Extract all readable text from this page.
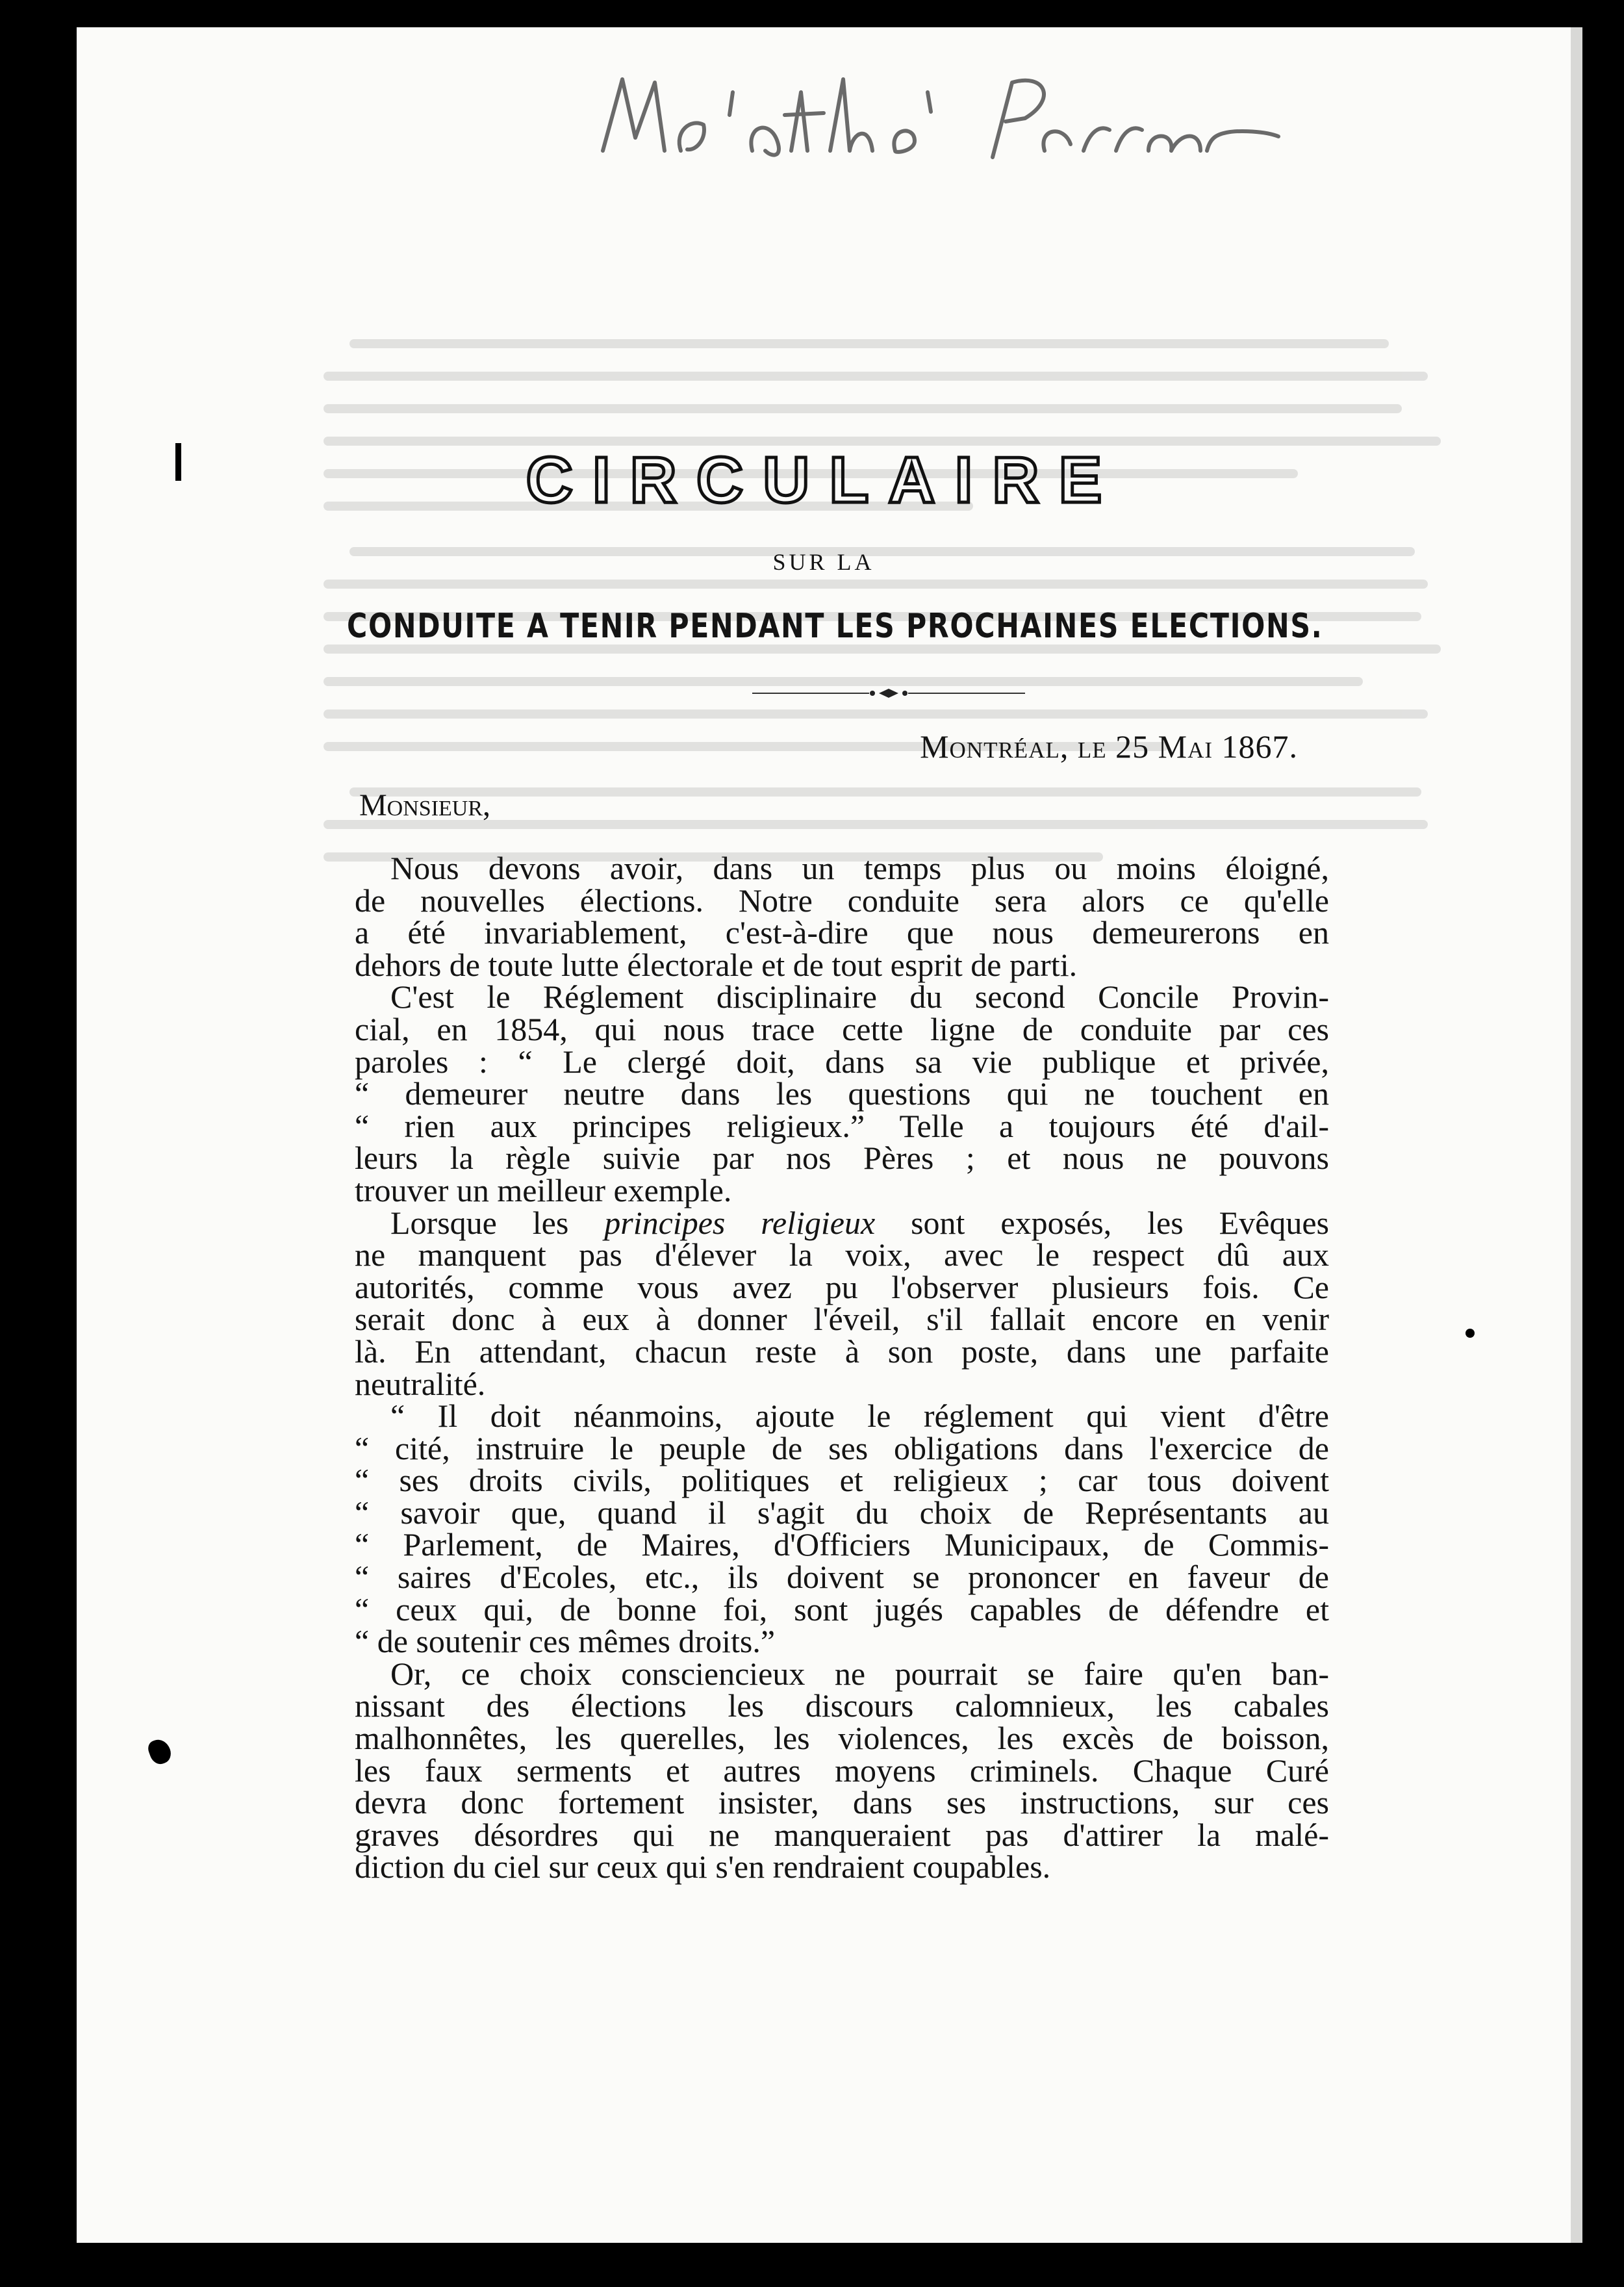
CIRCULAIRE
SUR LA
CONDUITE A TENIR PENDANT LES PROCHAINES ELECTIONS.
Montréal, le 25 Mai 1867.
Monsieur,
Nous devons avoir, dans un temps plus ou moins éloigné,
de nouvelles élections. Notre conduite sera alors ce qu'elle
a été invariablement, c'est-à-dire que nous demeurerons en
dehors de toute lutte électorale et de tout esprit de parti.
C'est le Réglement disciplinaire du second Concile Provin-
cial, en 1854, qui nous trace cette ligne de conduite par ces
paroles : “ Le clergé doit, dans sa vie publique et privée,
“ demeurer neutre dans les questions qui ne touchent en
“ rien aux principes religieux.” Telle a toujours été d'ail-
leurs la règle suivie par nos Pères ; et nous ne pouvons
trouver un meilleur exemple.
Lorsque les principes religieux sont exposés, les Evêques
ne manquent pas d'élever la voix, avec le respect dû aux
autorités, comme vous avez pu l'observer plusieurs fois. Ce
serait donc à eux à donner l'éveil, s'il fallait encore en venir
là. En attendant, chacun reste à son poste, dans une parfaite
neutralité.
“ Il doit néanmoins, ajoute le réglement qui vient d'être
“ cité, instruire le peuple de ses obligations dans l'exercice de
“ ses droits civils, politiques et religieux ; car tous doivent
“ savoir que, quand il s'agit du choix de Représentants au
“ Parlement, de Maires, d'Officiers Municipaux, de Commis-
“ saires d'Ecoles, etc., ils doivent se prononcer en faveur de
“ ceux qui, de bonne foi, sont jugés capables de défendre et
“ de soutenir ces mêmes droits.”
Or, ce choix consciencieux ne pourrait se faire qu'en ban-
nissant des élections les discours calomnieux, les cabales
malhonnêtes, les querelles, les violences, les excès de boisson,
les faux serments et autres moyens criminels. Chaque Curé
devra donc fortement insister, dans ses instructions, sur ces
graves désordres qui ne manqueraient pas d'attirer la malé-
diction du ciel sur ceux qui s'en rendraient coupables.
